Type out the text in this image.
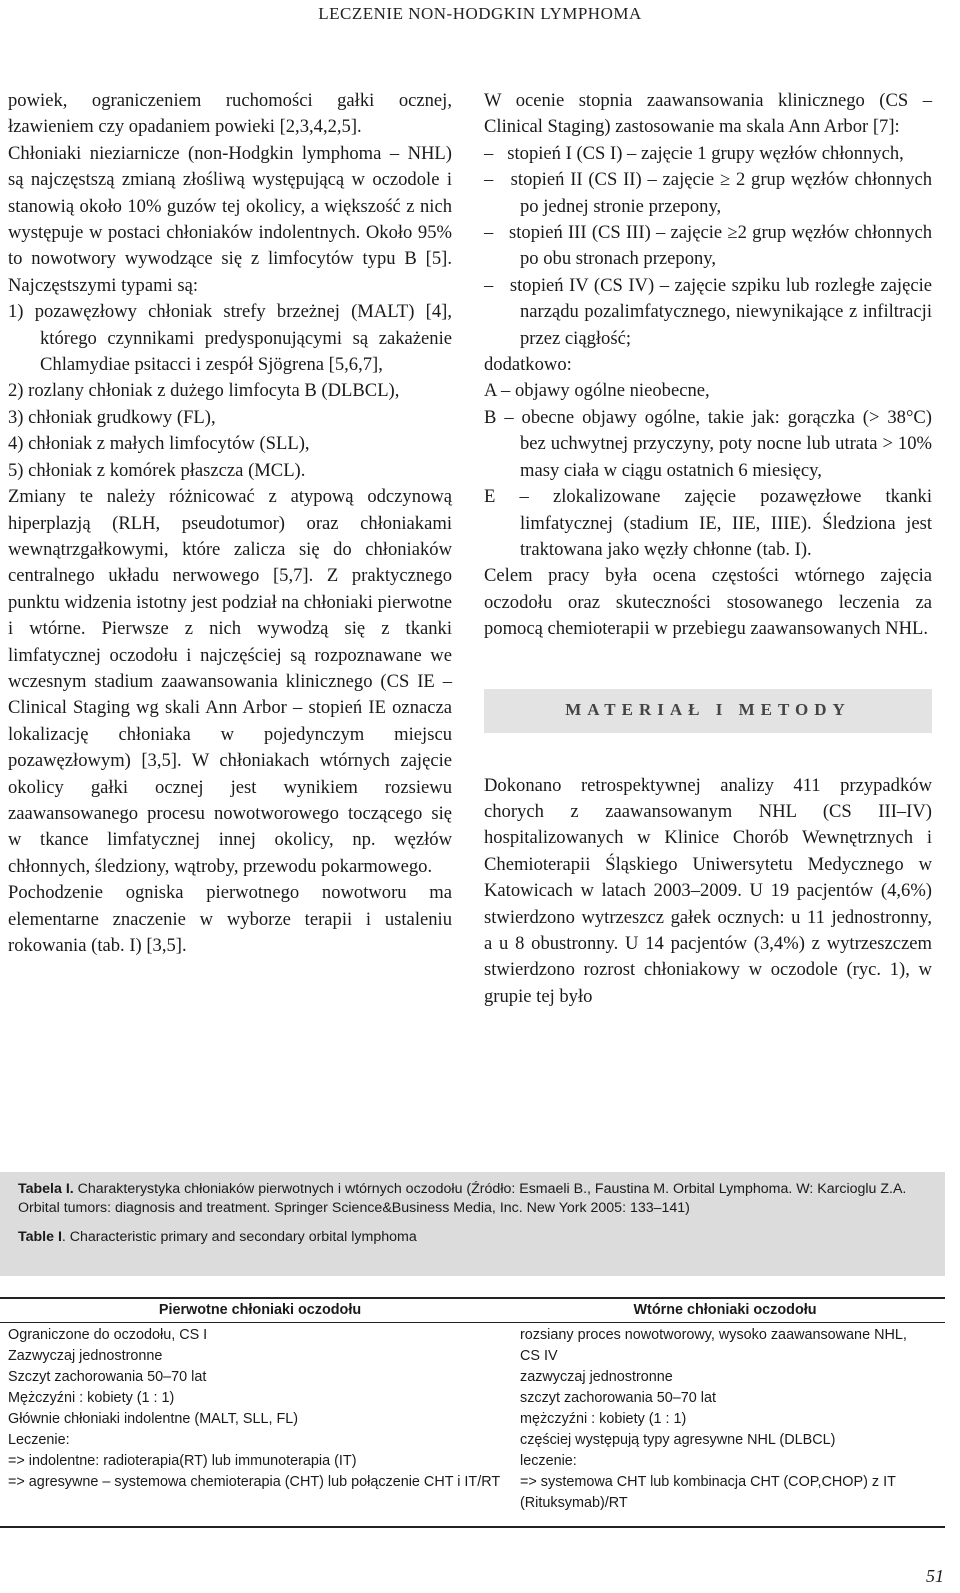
LECZENIE NON-HODGKIN LYMPHOMA

powiek, ograniczeniem ruchomości gałki ocznej, łzawieniem czy opadaniem powieki [2,3,4,2,5].

Chłoniaki nieziarnicze (non-Hodgkin lymphoma – NHL) są najczęstszą zmianą złośliwą występującą w oczodole i stanowią około 10% guzów tej okolicy, a większość z nich występuje w postaci chłoniaków indolentnych. Około 95% to nowotwory wywodzące się z limfocytów typu B [5]. Najczęstszymi typami są:

1) pozawęzłowy chłoniak strefy brzeżnej (MALT) [4], którego czynnikami predysponującymi są zakażenie Chlamydiae psitacci i zespół Sjögrena [5,6,7],

2) rozlany chłoniak z dużego limfocyta B (DLBCL),

3) chłoniak grudkowy (FL),

4) chłoniak z małych limfocytów (SLL),

5) chłoniak z komórek płaszcza (MCL).

Zmiany te należy różnicować z atypową odczynową hiperplazją (RLH, pseudotumor) oraz chłoniakami wewnątrzgałkowymi, które zalicza się do chłoniaków centralnego układu nerwowego [5,7]. Z praktycznego punktu widzenia istotny jest podział na chłoniaki pierwotne i wtórne. Pierwsze z nich wywodzą się z tkanki limfatycznej oczodołu i najczęściej są rozpoznawane we wczesnym stadium zaawansowania klinicznego (CS IE – Clinical Staging wg skali Ann Arbor – stopień IE oznacza lokalizację chłoniaka w pojedynczym miejscu pozawęzłowym) [3,5]. W chłoniakach wtórnych zajęcie okolicy gałki ocznej jest wynikiem rozsiewu zaawansowanego procesu nowotworowego toczącego się w tkance limfatycznej innej okolicy, np. węzłów chłonnych, śledziony, wątroby, przewodu pokarmowego.

Pochodzenie ogniska pierwotnego nowotworu ma elementarne znaczenie w wyborze terapii i ustaleniu rokowania (tab. I) [3,5].

W ocenie stopnia zaawansowania klinicznego (CS – Clinical Staging) zastosowanie ma skala Ann Arbor [7]:

–   stopień I (CS I) – zajęcie 1 grupy węzłów chłonnych,

–   stopień II (CS II) – zajęcie ≥ 2 grup węzłów chłonnych po jednej stronie przepony,

–   stopień III (CS III) – zajęcie ≥2 grup węzłów chłonnych po obu stronach przepony,

–   stopień IV (CS IV) – zajęcie szpiku lub rozległe zajęcie narządu pozalimfatycznego, niewynikające z infiltracji przez ciągłość;

dodatkowo:

A – objawy ogólne nieobecne,

B – obecne objawy ogólne, takie jak: gorączka (> 38°C) bez uchwytnej przyczyny, poty nocne lub utrata > 10% masy ciała w ciągu ostatnich 6 miesięcy,

E – zlokalizowane zajęcie pozawęzłowe tkanki limfatycznej (stadium IE, IIE, IIIE). Śledziona jest traktowana jako węzły chłonne (tab. I).

Celem pracy była ocena częstości wtórnego zajęcia oczodołu oraz skuteczności stosowanego leczenia za pomocą chemioterapii w przebiegu zaawansowanych NHL.

MATERIAŁ I METODY

Dokonano retrospektywnej analizy 411 przypadków chorych z zaawansowanym NHL (CS III–IV) hospitalizowanych w Klinice Chorób Wewnętrznych i Chemioterapii Śląskiego Uniwersytetu Medycznego w Katowicach w latach 2003–2009. U 19 pacjentów (4,6%) stwierdzono wytrzeszcz gałek ocznych: u 11 jednostronny, a u 8 obustronny. U 14 pacjentów (3,4%) z wytrzeszczem stwierdzono rozrost chłoniakowy w oczodole (ryc. 1), w grupie tej było

Tabela I. Charakterystyka chłoniaków pierwotnych i wtórnych oczodołu (Źródło: Esmaeli B., Faustina M. Orbital Lymphoma. W: Karcioglu Z.A. Orbital tumors: diagnosis and treatment. Springer Science&Business Media, Inc. New York 2005: 133–141)

Table I. Characteristic primary and secondary orbital lymphoma

Pierwotne chłoniaki oczodołu	Wtórne chłoniaki oczodołu
Ograniczone do oczodołu, CS I
Zazwyczaj jednostronne
Szczyt zachorowania 50–70 lat
Mężczyźni : kobiety (1 : 1)
Głównie chłoniaki indolentne (MALT, SLL, FL)
Leczenie:
=> indolentne: radioterapia(RT) lub immunoterapia (IT)
=> agresywne – systemowa chemioterapia (CHT) lub połączenie CHT i IT/RT
rozsiany proces nowotworowy, wysoko zaawansowane NHL, CS IV
zazwyczaj jednostronne
szczyt zachorowania 50–70 lat
mężczyźni : kobiety (1 : 1)
częściej występują typy agresywne NHL (DLBCL)
leczenie:
=> systemowa CHT lub kombinacja CHT (COP,CHOP) z IT (Rituksymab)/RT
51
